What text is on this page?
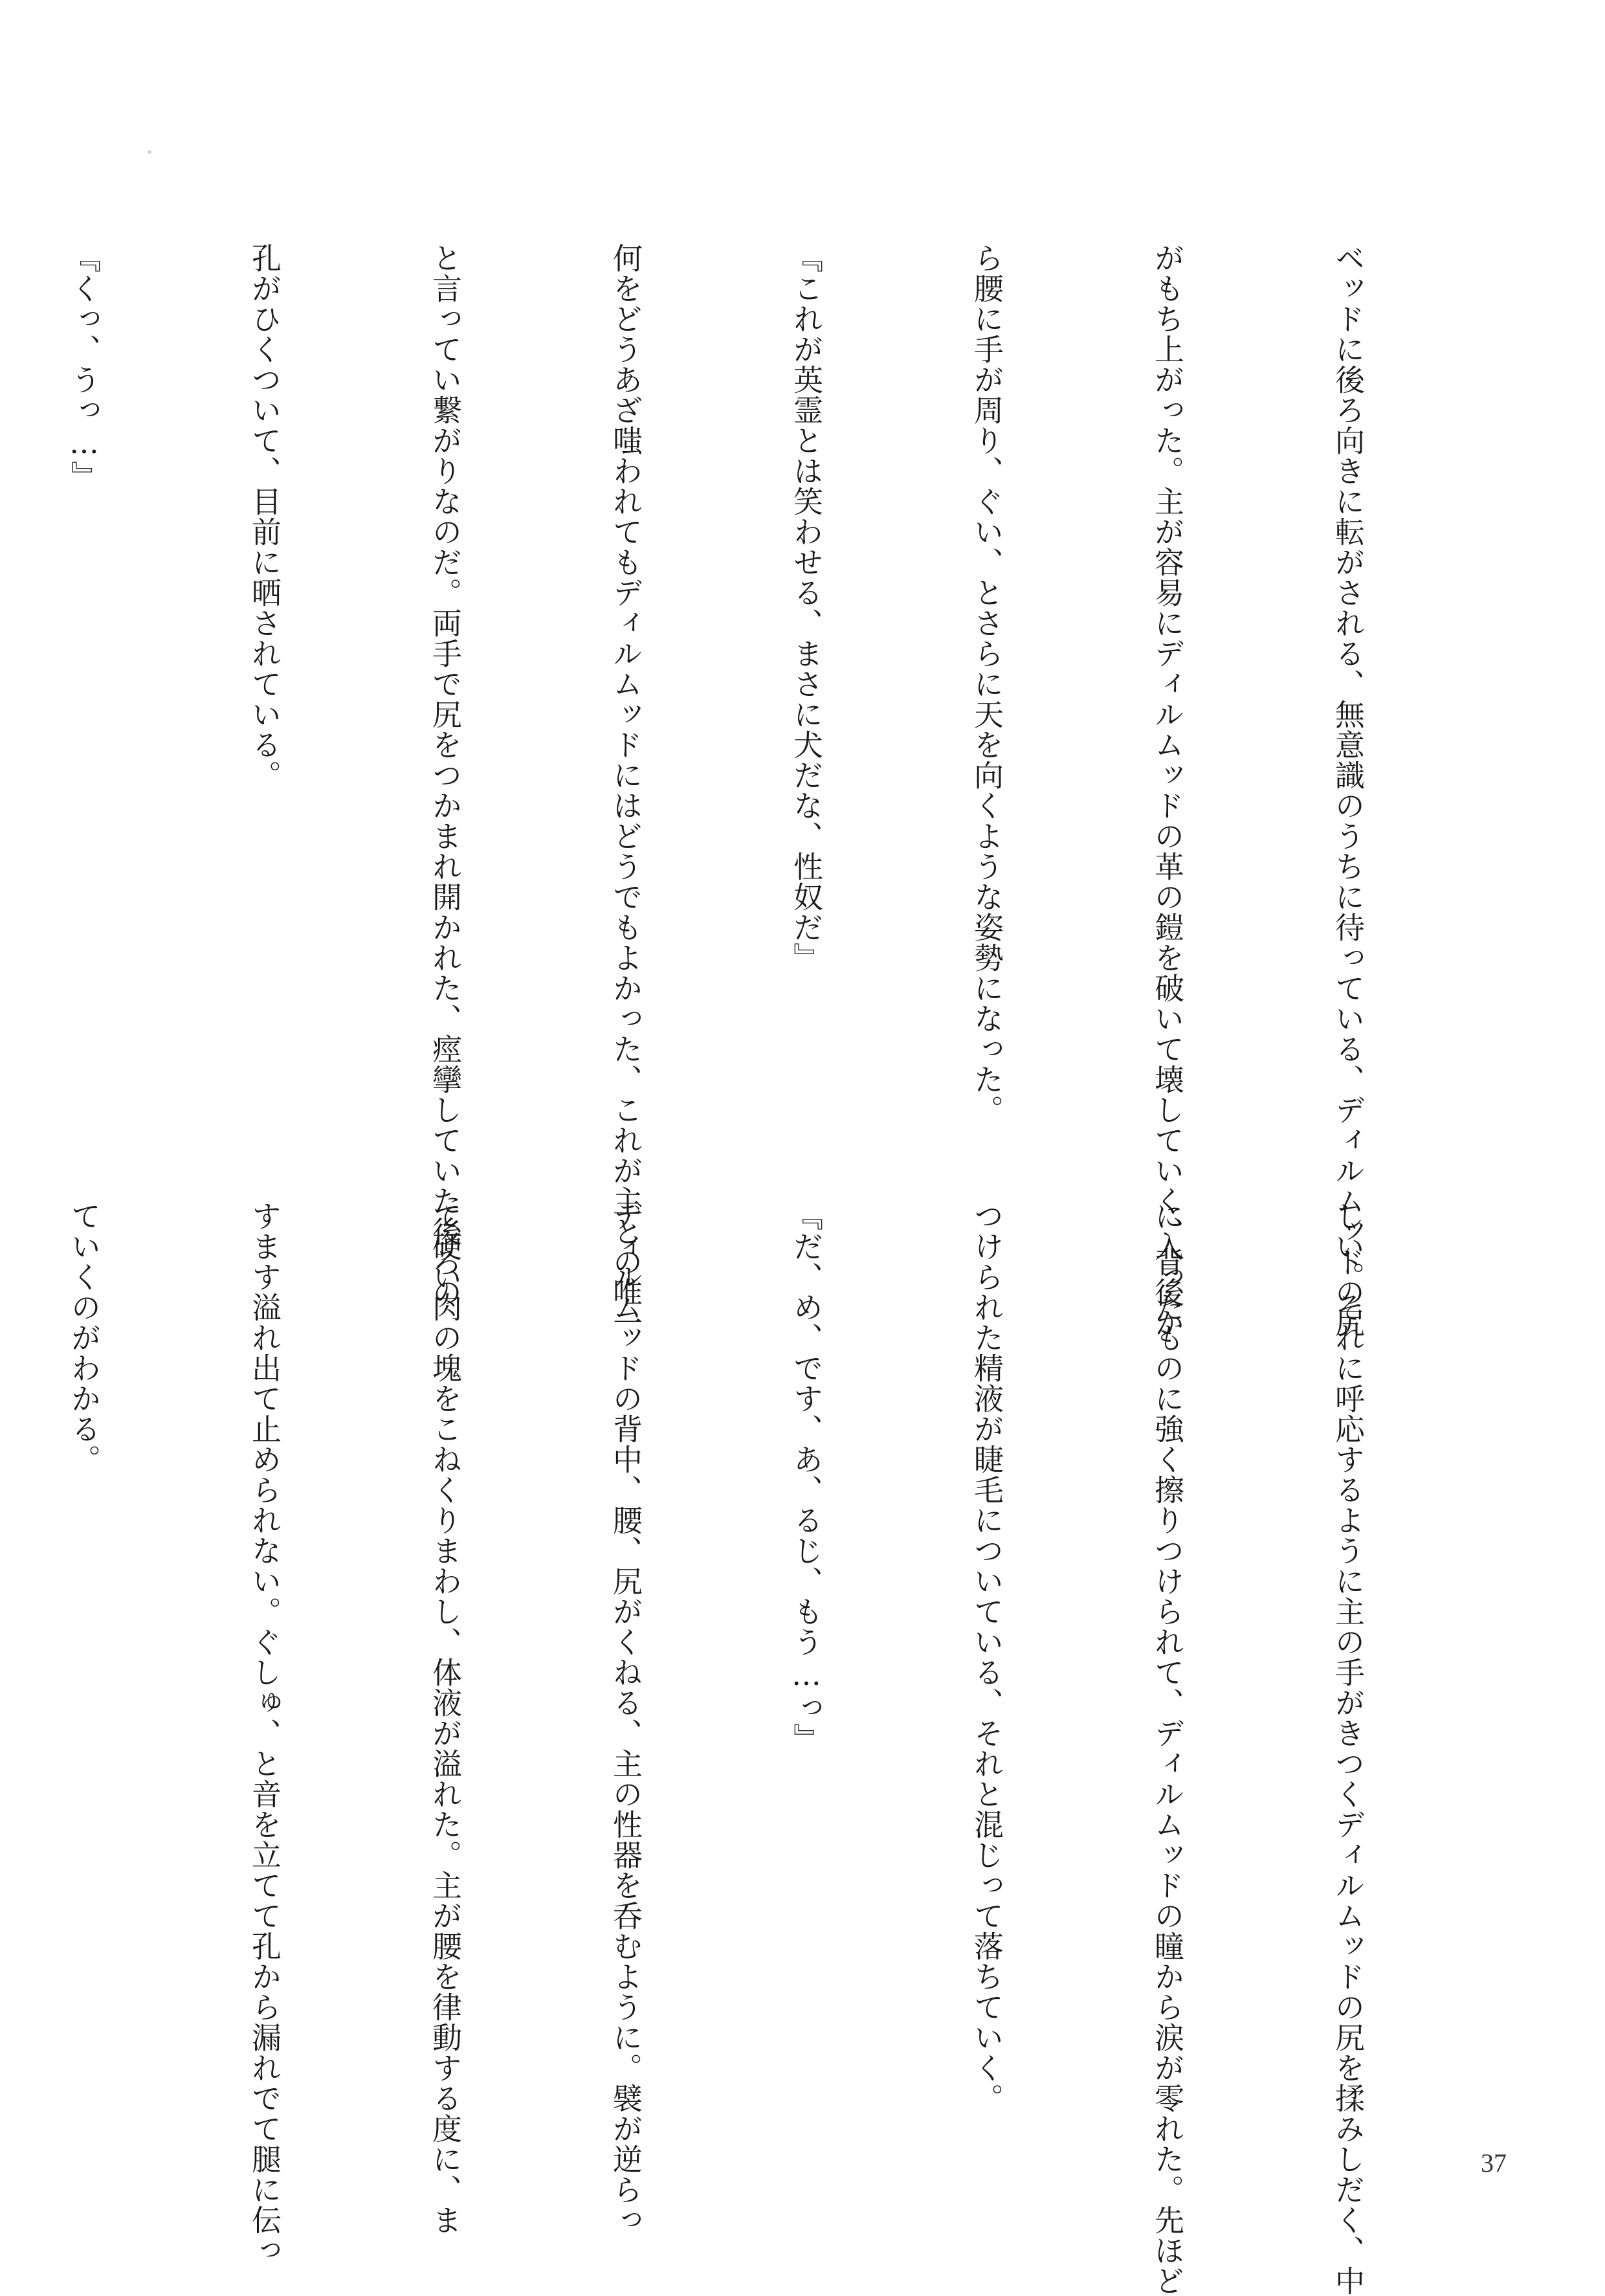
ベッドに後ろ向きに転がされる、無意識のうちに待っている、ディルムッドの尻

がもち上がった。主が容易にディルムッドの革の鎧を破いて壊していく、背後か

ら腰に手が周り、ぐい、とさらに天を向くような姿勢になった。

『これが英霊とは笑わせる、まさに犬だな、性奴だ』

何をどうあざ嗤われてもディルムッドにはどうでもよかった、これが主との唯一

と言ってい繋がりなのだ。両手で尻をつかまれ開かれた、痙攣していた後ろの

孔がひくついて、目前に晒されている。

『くっ、うっ…』

しい。それに呼応するように主の手がきつくディルムッドの尻を揉みしだく、中

に入ったものに強く擦りつけられて、ディルムッドの瞳から涙が零れた。先ほど

つけられた精液が睫毛についている、それと混じって落ちていく。

『だ、め、です、あ、るじ、もう…っ』

ディルムッドの背中、腰、尻がくねる、主の性器を呑むように。襞が逆らっ

て硬い肉の塊をこねくりまわし、体液が溢れた。主が腰を律動する度に、ま

すます溢れ出て止められない。ぐしゅ、と音を立てて孔から漏れでて腿に伝っ

ていくのがわかる。

37
